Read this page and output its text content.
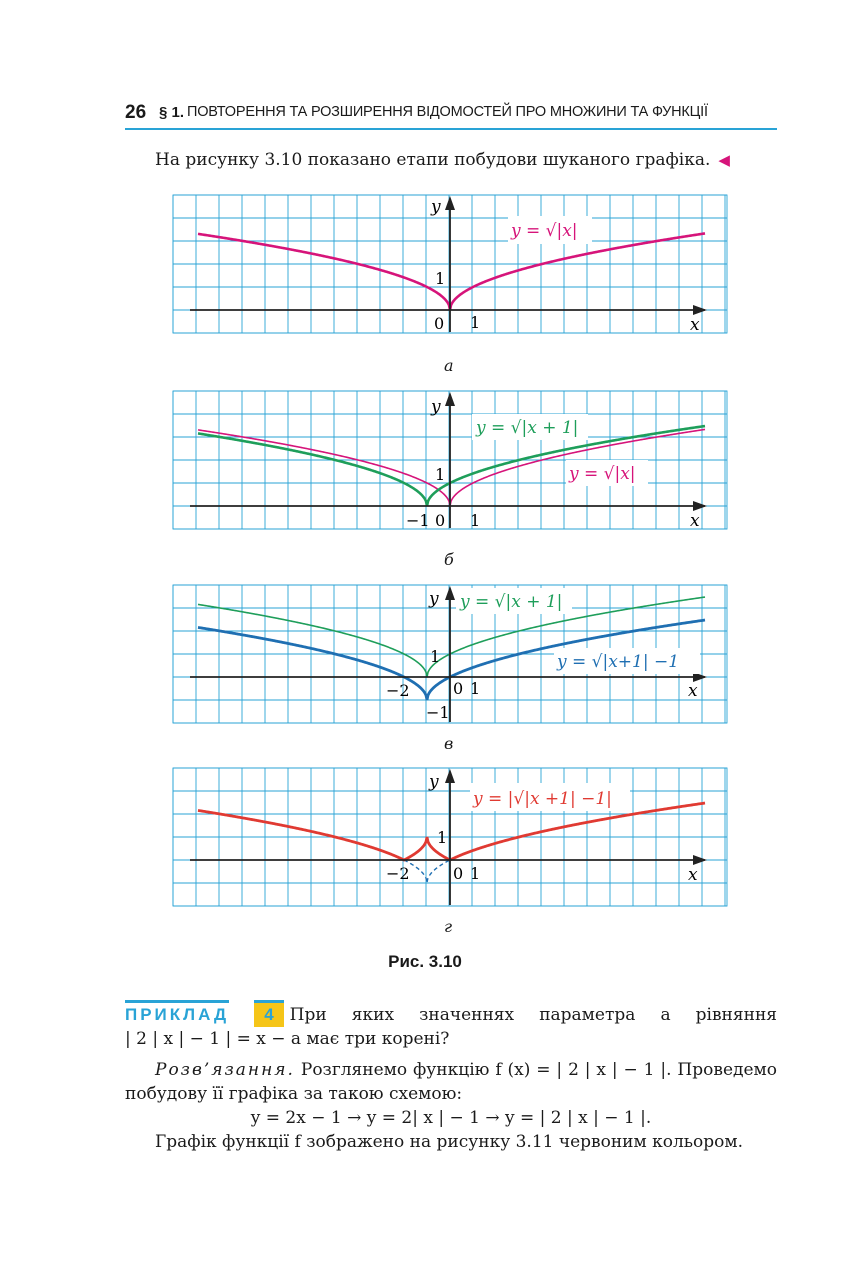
26 § 1. ПОВТОРЕННЯ ТА РОЗШИРЕННЯ ВІДОМОСТЕЙ ПРО МНОЖИНИ ТА ФУНКЦІЇ
На рисунку 3.10 показано етапи побудови шуканого графіка. ◀
y
x
1
0 1
y = √|x|
а
y
x
1
−1 0 1
y = √|x + 1|
y = √|x|
б
y
x
1
−2	0 1
−1
y = √|x + 1|
y = √|x+1| −1
в
y
x
1
−2	0 1
y = |√|x +1| −1|
г
Рис. 3.10
ПРИКЛАД 4 При яких значеннях параметра a рівняння
| 2 | x | − 1 | = x − a має три корені?
Розв’язання. Розглянемо функцію f (x) = | 2 | x | − 1 |. Проведемо
побудову її графіка за такою схемою:
y = 2x − 1 → y = 2| x | − 1 → y = | 2 | x | − 1 |.
Графік функції f зображено на рисунку 3.11 червоним кольором.
